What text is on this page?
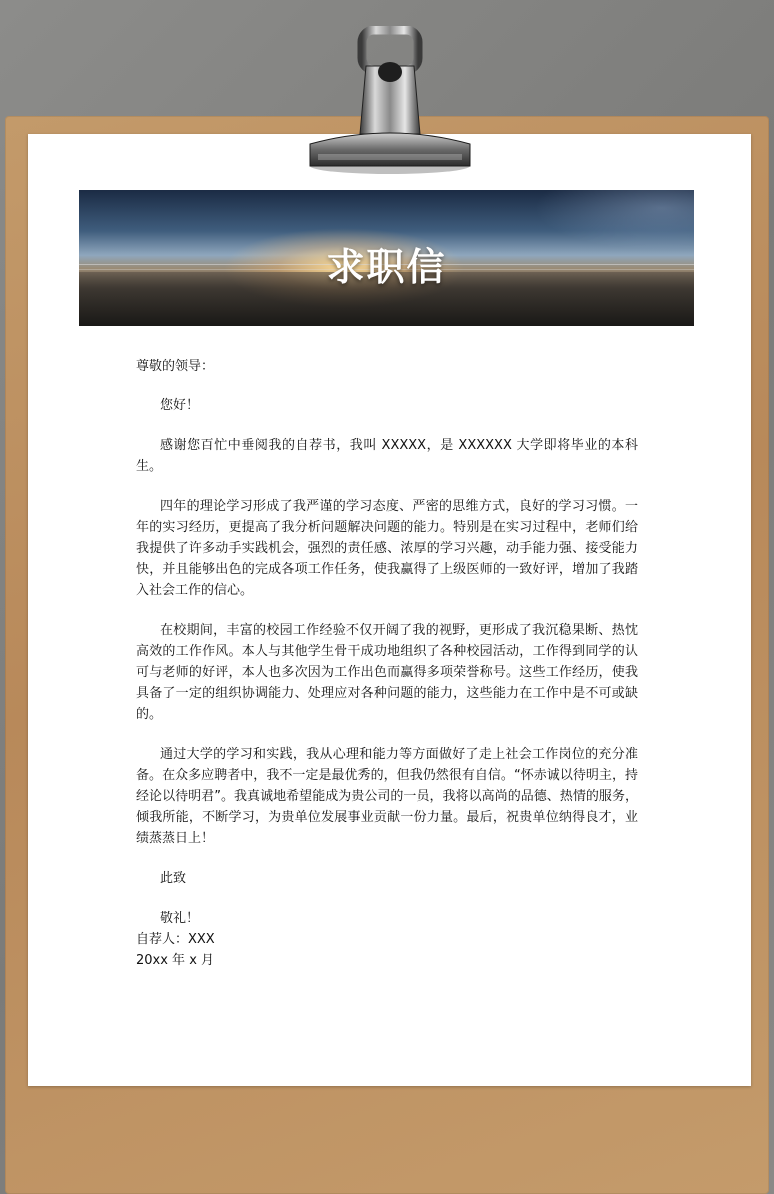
求职信

尊敬的领导：

您好！

感谢您百忙中垂阅我的自荐书，我叫 XXXXX，是 XXXXXX 大学即将毕业的本科生。

四年的理论学习形成了我严谨的学习态度、严密的思维方式，良好的学习习惯。一年的实习经历，更提高了我分析问题解决问题的能力。特别是在实习过程中，老师们给我提供了许多动手实践机会，强烈的责任感、浓厚的学习兴趣，动手能力强、接受能力快，并且能够出色的完成各项工作任务，使我赢得了上级医师的一致好评，增加了我踏入社会工作的信心。

在校期间，丰富的校园工作经验不仅开阔了我的视野，更形成了我沉稳果断、热忱高效的工作作风。本人与其他学生骨干成功地组织了各种校园活动，工作得到同学的认可与老师的好评，本人也多次因为工作出色而赢得多项荣誉称号。这些工作经历，使我具备了一定的组织协调能力、处理应对各种问题的能力，这些能力在工作中是不可或缺的。

通过大学的学习和实践，我从心理和能力等方面做好了走上社会工作岗位的充分准备。在众多应聘者中，我不一定是最优秀的，但我仍然很有自信。“怀赤诚以待明主，持经论以待明君”。我真诚地希望能成为贵公司的一员，我将以高尚的品德、热情的服务，倾我所能，不断学习，为贵单位发展事业贡献一份力量。最后，祝贵单位纳得良才，业绩蒸蒸日上！

此致

敬礼！

自荐人：XXX

20xx 年 x 月
